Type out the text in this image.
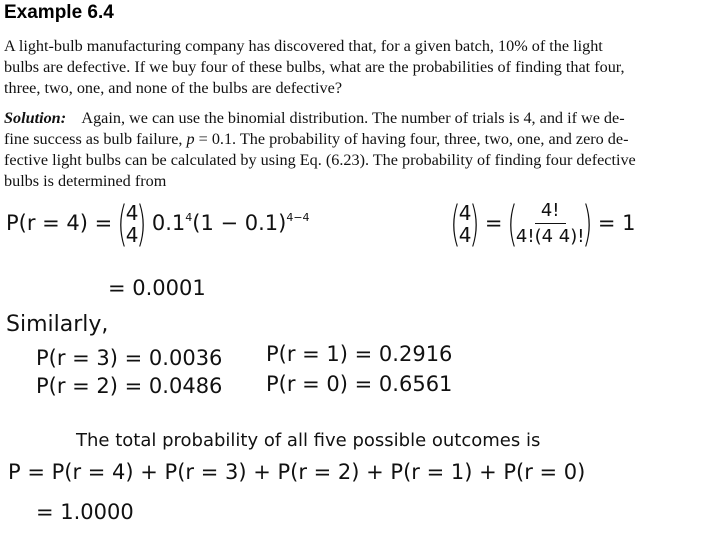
Example 6.4
A light-bulb manufacturing company has discovered that, for a given batch, 10% of the light
bulbs are defective. If we buy four of these bulbs, what are the probabilities of finding that four,
three, two, one, and none of the bulbs are defective?
Solution: Again, we can use the binomial distribution. The number of trials is 4, and if we de-
fine success as bulb failure, p = 0.1. The probability of having four, three, two, one, and zero de-
fective light bulbs can be calculated by using Eq. (6.23). The probability of finding four defective
bulbs is determined from
P(r = 4) = (
4
4
) $0.1^4(1 - 0.1)^{4-4}$
= 0.0001
(
4
4
) = (
$\frac{4!}{4!(4 4)!}$
) = 1
Similarly,
P(r = 3) = 0.0036
P(r = 2) = 0.0486
P(r = 1) = 0.2916
P(r = 0) = 0.6561
The total probability of all five possible outcomes is
P = P(r = 4) + P(r = 3) + P(r = 2) + P(r = 1) + P(r = 0)
= 1.0000
